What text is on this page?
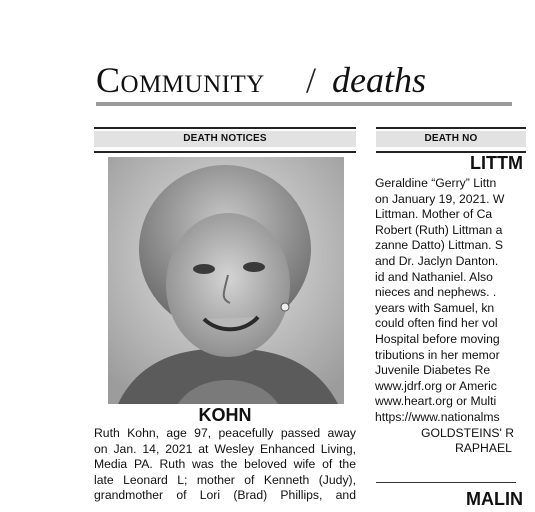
Community / deaths
DEATH NOTICES
KOHN
Ruth Kohn, age 97, peacefully passed away
on Jan. 14, 2021 at Wesley Enhanced Living,
Media PA. Ruth was the beloved wife of the
late Leonard L; mother of Kenneth (Judy),
grandmother of Lori (Brad) Phillips, and
DEATH NO
LITTM
Geraldine “Gerry” Littn
on January 19, 2021. W
Littman. Mother of Ca
Robert (Ruth) Littman a
zanne Datto) Littman. S
and Dr. Jaclyn Danton.
id and Nathaniel. Also
nieces and nephews. .
years with Samuel, kn
could often find her vol
Hospital before moving
tributions in her memor
Juvenile Diabetes Re
www.jdrf.org or Americ
www.heart.org or Multi
https://www.nationalms
GOLDSTEINS' R
RAPHAEL
MALIN
